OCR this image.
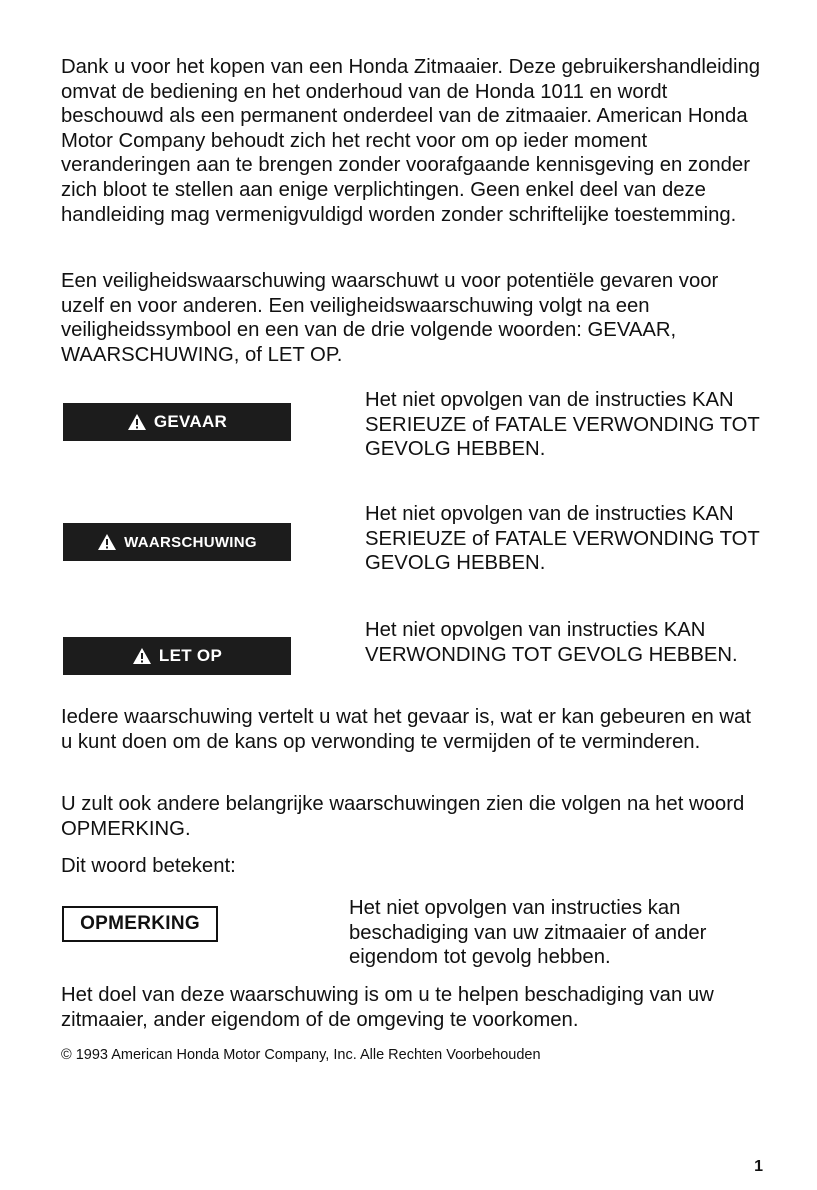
Dank u voor het kopen van een Honda Zitmaaier. Deze gebruikershandleiding omvat de bediening en het onderhoud van de Honda 1011 en wordt beschouwd als een permanent onderdeel van de zitmaaier. American Honda Motor Company behoudt zich het recht voor om op ieder moment veranderingen aan te brengen zonder voorafgaande kennisgeving en zonder zich bloot te stellen aan enige verplichtingen. Geen enkel deel van deze handleiding mag vermenigvuldigd worden zonder schriftelijke toestemming.

Een veiligheidswaarschuwing waarschuwt u voor potentiële gevaren voor uzelf en voor anderen. Een veiligheidswaarschuwing volgt na een veiligheidssymbool en een van de drie volgende woorden: GEVAAR, WAARSCHUWING, of LET OP.

GEVAAR

Het niet opvolgen van de instructies KAN SERIEUZE of FATALE VERWONDING TOT GEVOLG HEBBEN.

WAARSCHUWING

Het niet opvolgen van de instructies KAN SERIEUZE of FATALE VERWONDING TOT GEVOLG HEBBEN.

LET OP

Het niet opvolgen van instructies KAN VERWONDING TOT GEVOLG HEBBEN.

Iedere waarschuwing vertelt u wat het gevaar is, wat er kan gebeuren en wat u kunt doen om de kans op verwonding te vermijden of te verminderen.

U zult ook andere belangrijke waarschuwingen zien die volgen na het woord OPMERKING.

Dit woord betekent:

OPMERKING

Het niet opvolgen van instructies kan beschadiging van uw zitmaaier of ander eigendom tot gevolg hebben.

Het doel van deze waarschuwing is om u te helpen beschadiging van uw zitmaaier, ander eigendom of de omgeving te voorkomen.

© 1993 American Honda Motor Company, Inc. Alle Rechten Voorbehouden

1
